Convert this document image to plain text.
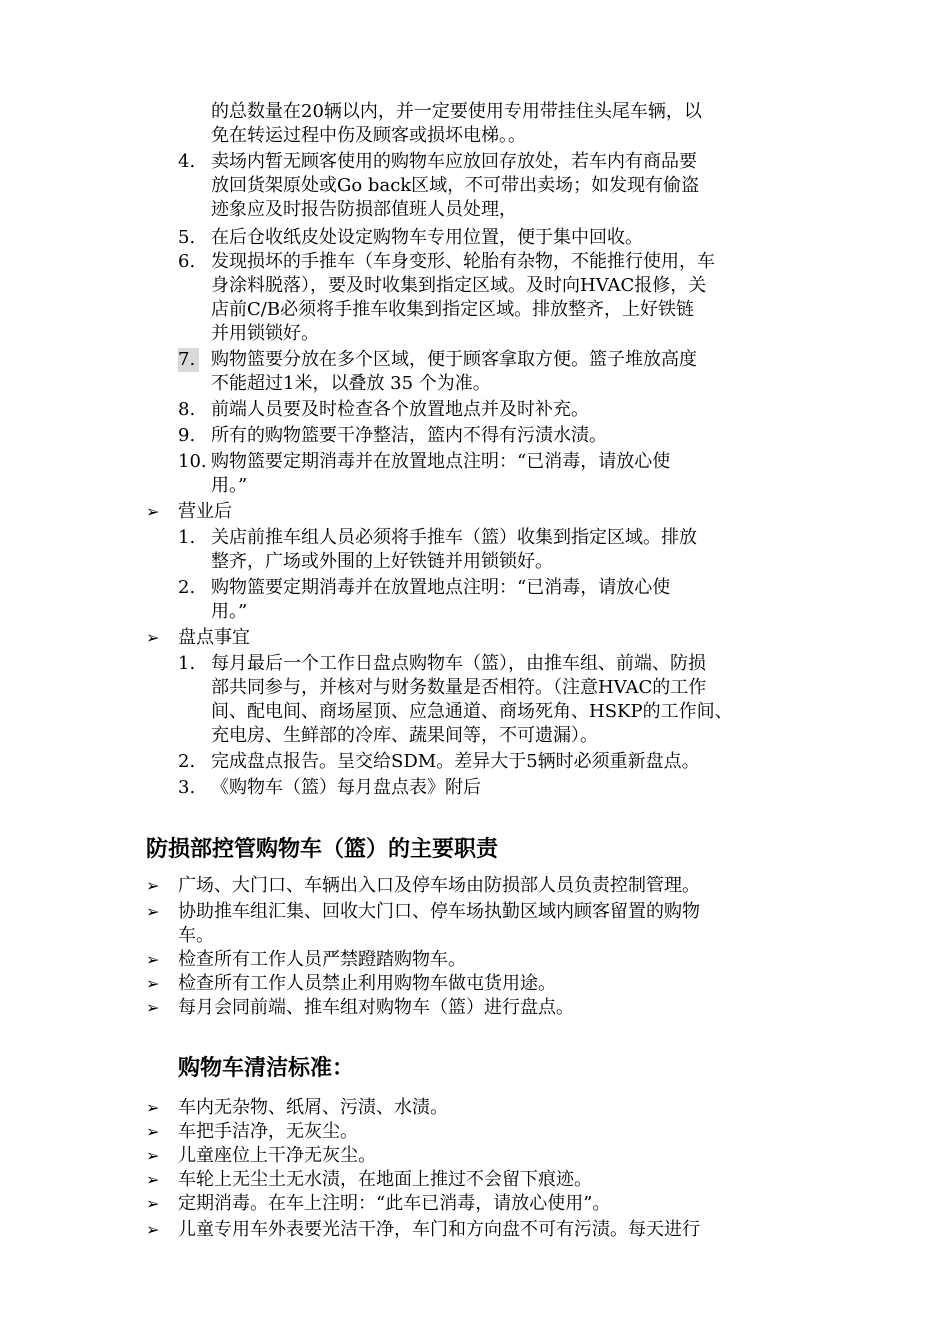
的总数量在20辆以内，并一定要使用专用带挂住头尾车辆，以
免在转运过程中伤及顾客或损坏电梯。。
4. 卖场内暂无顾客使用的购物车应放回存放处，若车内有商品要
放回货架原处或Go back区域，不可带出卖场；如发现有偷盗
迹象应及时报告防损部值班人员处理，
5. 在后仓收纸皮处设定购物车专用位置，便于集中回收。
6. 发现损坏的手推车（车身变形、轮胎有杂物，不能推行使用，车
身涂料脱落），要及时收集到指定区域。及时向HVAC报修，关
店前C/B必须将手推车收集到指定区域。排放整齐，上好铁链
并用锁锁好。
7. 购物篮要分放在多个区域，便于顾客拿取方便。篮子堆放高度
不能超过1米，以叠放 35 个为准。
8. 前端人员要及时检查各个放置地点并及时补充。
9. 所有的购物篮要干净整洁，篮内不得有污渍水渍。
10. 购物篮要定期消毒并在放置地点注明：“已消毒，请放心使
用。”
➢ 营业后
1. 关店前推车组人员必须将手推车（篮）收集到指定区域。排放
整齐，广场或外围的上好铁链并用锁锁好。
2. 购物篮要定期消毒并在放置地点注明：“已消毒，请放心使
用。”
➢ 盘点事宜
1. 每月最后一个工作日盘点购物车（篮），由推车组、前端、防损
部共同参与，并核对与财务数量是否相符。（注意HVAC的工作
间、配电间、商场屋顶、应急通道、商场死角、HSKP的工作间、
充电房、生鲜部的冷库、蔬果间等，不可遗漏）。
2. 完成盘点报告。呈交给SDM。差异大于5辆时必须重新盘点。
3. 《购物车（篮）每月盘点表》附后
防损部控管购物车（篮）的主要职责
➢ 广场、大门口、车辆出入口及停车场由防损部人员负责控制管理。
➢ 协助推车组汇集、回收大门口、停车场执勤区域内顾客留置的购物
车。
➢ 检查所有工作人员严禁蹬踏购物车。
➢ 检查所有工作人员禁止利用购物车做屯货用途。
➢ 每月会同前端、推车组对购物车（篮）进行盘点。
购物车清洁标准：
➢ 车内无杂物、纸屑、污渍、水渍。
➢ 车把手洁净，无灰尘。
➢ 儿童座位上干净无灰尘。
➢ 车轮上无尘土无水渍，在地面上推过不会留下痕迹。
➢ 定期消毒。在车上注明：“此车已消毒，请放心使用”。
➢ 儿童专用车外表要光洁干净，车门和方向盘不可有污渍。每天进行
